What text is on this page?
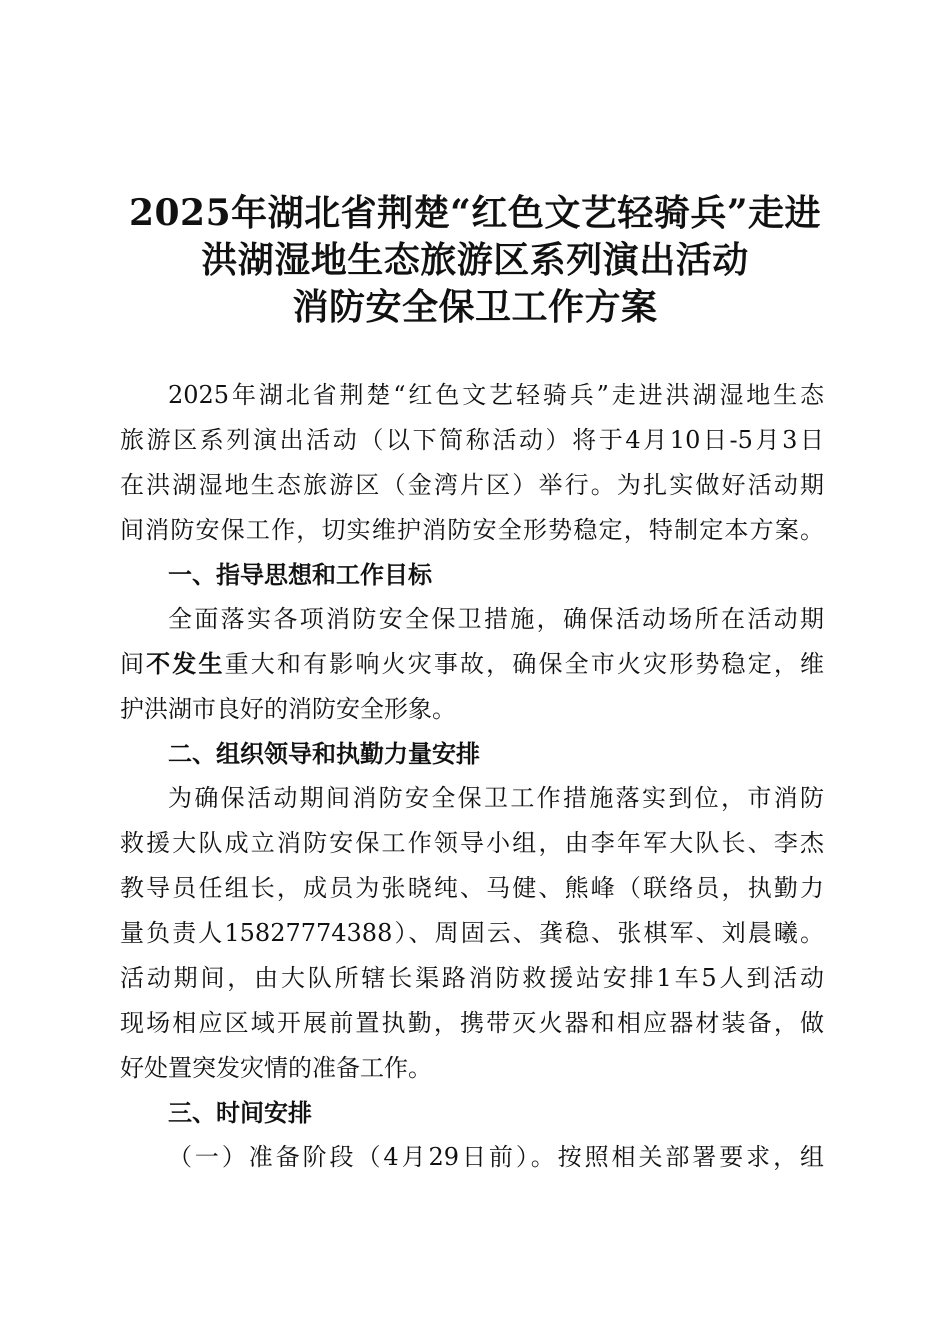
2025年湖北省荆楚“红色文艺轻骑兵”走进
洪湖湿地生态旅游区系列演出活动
消防安全保卫工作方案
2025年湖北省荆楚“红色文艺轻骑兵”走进洪湖湿地生态
旅游区系列演出活动（以下简称活动）将于4月10日-5月3日
在洪湖湿地生态旅游区（金湾片区）举行。为扎实做好活动期
间消防安保工作，切实维护消防安全形势稳定，特制定本方案。
一、指导思想和工作目标
全面落实各项消防安全保卫措施，确保活动场所在活动期
间不发生重大和有影响火灾事故，确保全市火灾形势稳定，维
护洪湖市良好的消防安全形象。
二、组织领导和执勤力量安排
为确保活动期间消防安全保卫工作措施落实到位，市消防
救援大队成立消防安保工作领导小组，由李年军大队长、李杰
教导员任组长，成员为张晓纯、马健、熊峰（联络员，执勤力
量负责人15827774388）、周固云、龚稳、张棋军、刘晨曦。
活动期间，由大队所辖长渠路消防救援站安排1车5人到活动
现场相应区域开展前置执勤，携带灭火器和相应器材装备，做
好处置突发灾情的准备工作。
三、时间安排
（一）准备阶段（4月29日前）。按照相关部署要求，组
